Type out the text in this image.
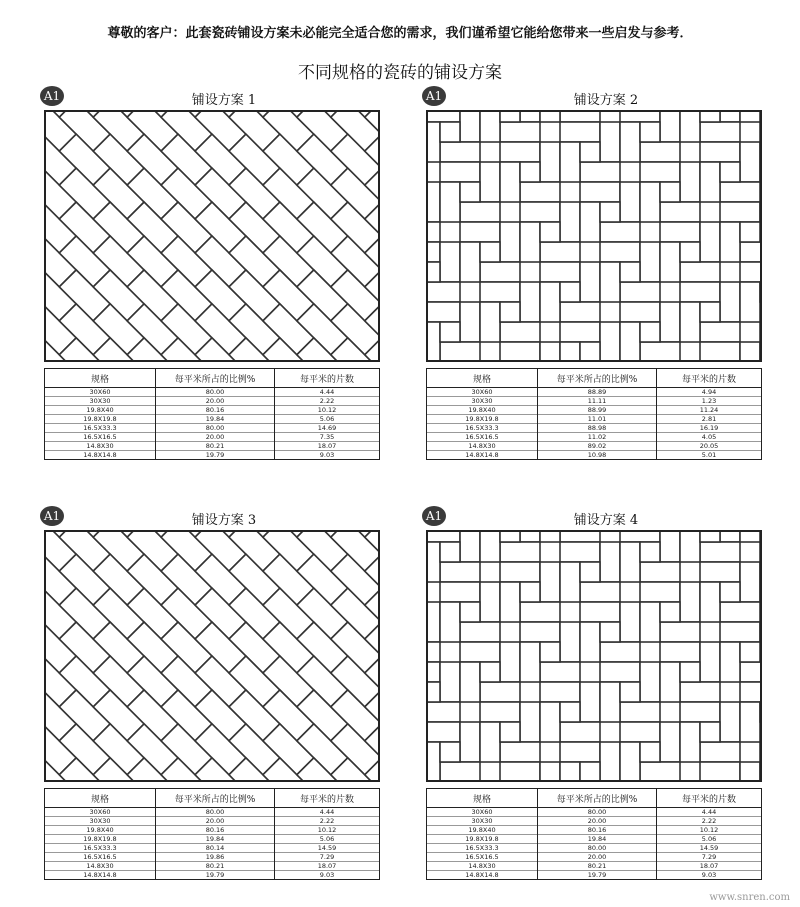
尊敬的客户：此套瓷砖铺设方案未必能完全适合您的需求，我们谨希望它能给您带来一些启发与参考．
不同规格的瓷砖的铺设方案
A1	铺设方案 1
规格	每平米所占的比例%	每平米的片数
30X60	80.00	4.44
30X30	20.00	2.22
19.8X40	80.16	10.12
19.8X19.8	19.84	5.06
16.5X33.3	80.00	14.69
16.5X16.5	20.00	7.35
14.8X30	80.21	18.07
14.8X14.8	19.79	9.03
A1	铺设方案 2
规格	每平米所占的比例%	每平米的片数
30X60	88.89	4.94
30X30	11.11	1.23
19.8X40	88.99	11.24
19.8X19.8	11.01	2.81
16.5X33.3	88.98	16.19
16.5X16.5	11.02	4.05
14.8X30	89.02	20.05
14.8X14.8	10.98	5.01
A1	铺设方案 3
规格	每平米所占的比例%	每平米的片数
30X60	80.00	4.44
30X30	20.00	2.22
19.8X40	80.16	10.12
19.8X19.8	19.84	5.06
16.5X33.3	80.14	14.59
16.5X16.5	19.86	7.29
14.8X30	80.21	18.07
14.8X14.8	19.79	9.03
A1	铺设方案 4
规格	每平米所占的比例%	每平米的片数
30X60	80.00	4.44
30X30	20.00	2.22
19.8X40	80.16	10.12
19.8X19.8	19.84	5.06
16.5X33.3	80.00	14.59
16.5X16.5	20.00	7.29
14.8X30	80.21	18.07
14.8X14.8	19.79	9.03
www.snren.com
